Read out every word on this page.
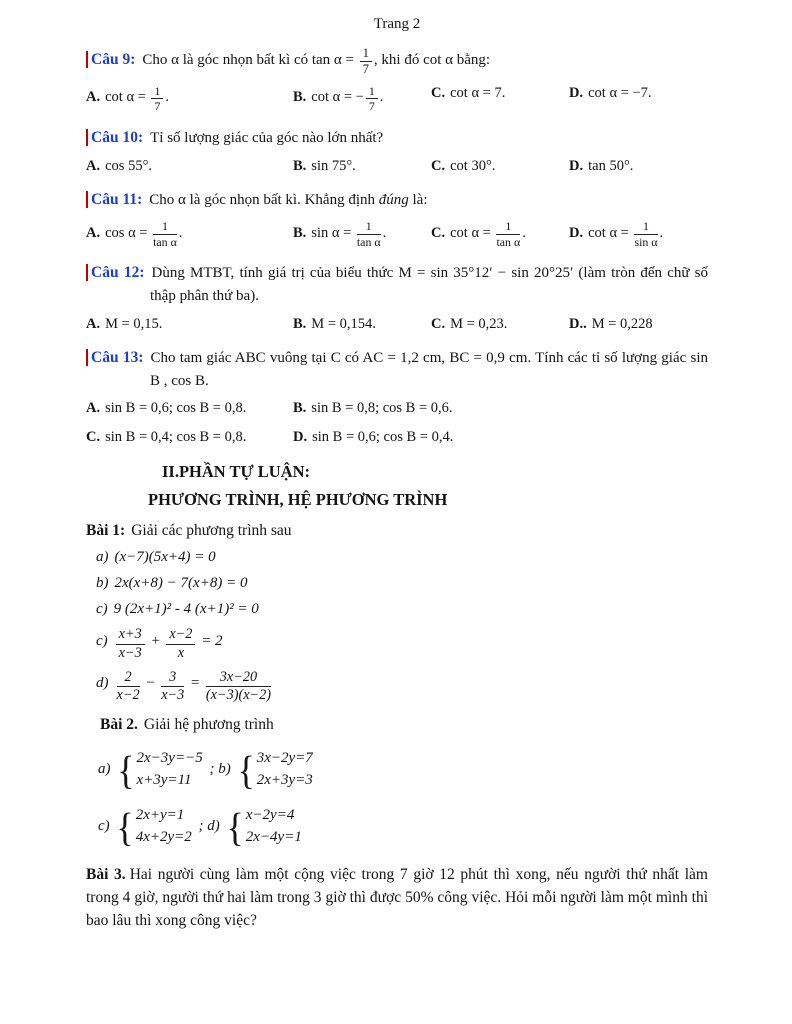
Trang 2
Câu 9: Cho α là góc nhọn bất kì có $\tan \alpha = \frac{1}{7}$ , khi đó cot α bằng:
A. $\cot \alpha = \frac{1}{7}$ .	B. cot α = − $\frac{1}{7}$ .	C. cot α = 7.	D. cot α = −7.
Câu 10: Tỉ số lượng giác của góc nào lớn nhất?
A. cos 55°.	B. sin 75°.	C. cot 30°.	D. tan 50°.
Câu 11: Cho α là góc nhọn bất kì. Khẳng định đúng là:
A. $\cos \alpha = \frac{1}{\text{tan α}}$ .	B. $\sin \alpha = \frac{1}{\text{tan α}}$ .	C. $\cot \alpha = \frac{1}{\text{tan α}}$ .	D. $\cot \alpha = \frac{1}{\text{sin α}}$ .
Câu 12: Dùng MTBT, tính giá trị của biểu thức M = sin 35°12′ − sin 20°25′ (làm tròn đến chữ số thập phân thứ ba).
A. M = 0,15.	B. M = 0,154.	C. M = 0,23.	D.. M = 0,228
Câu 13: Cho tam giác ABC vuông tại C có AC = 1,2 cm, BC = 0,9 cm. Tính các tỉ số lượng giác sin B , cos B.
A. sin B = 0,6; cos B = 0,8.	B. sin B = 0,8; cos B = 0,6.
C. sin B = 0,4; cos B = 0,8.	D. sin B = 0,6; cos B = 0,4.
II.PHẦN TỰ LUẬN:
PHƯƠNG TRÌNH, HỆ PHƯƠNG TRÌNH
Bài 1: Giải các phương trình sau
a) (x−7)(5x+4) = 0
b) 2x(x+8) − 7(x+8) = 0
c) 9 (2x+1)² - 4 (x+1)² = 0
$c) \frac{x+3}{x-3} + \frac{x-2}{x} = 2$
$d) \frac{2}{x-2} - \frac{3}{x-3} = \frac{3x-20}{(x-3)(x-2)}$
Bài 2. Giải hệ phương trình
a) { 2x−3y=−5
x+3y=11
; b) { 3x−2y=7
2x+3y=3
c) { 2x+y=1
4x+2y=2
; d) { x−2y=4
2x−4y=1
Bài 3. Hai người cùng làm một cộng việc trong 7 giờ 12 phút thì xong, nếu người thứ nhất làm trong 4 giờ, người thứ hai làm trong 3 giờ thì được 50% công việc. Hỏi mỗi người làm một mình thì bao lâu thì xong công việc?
